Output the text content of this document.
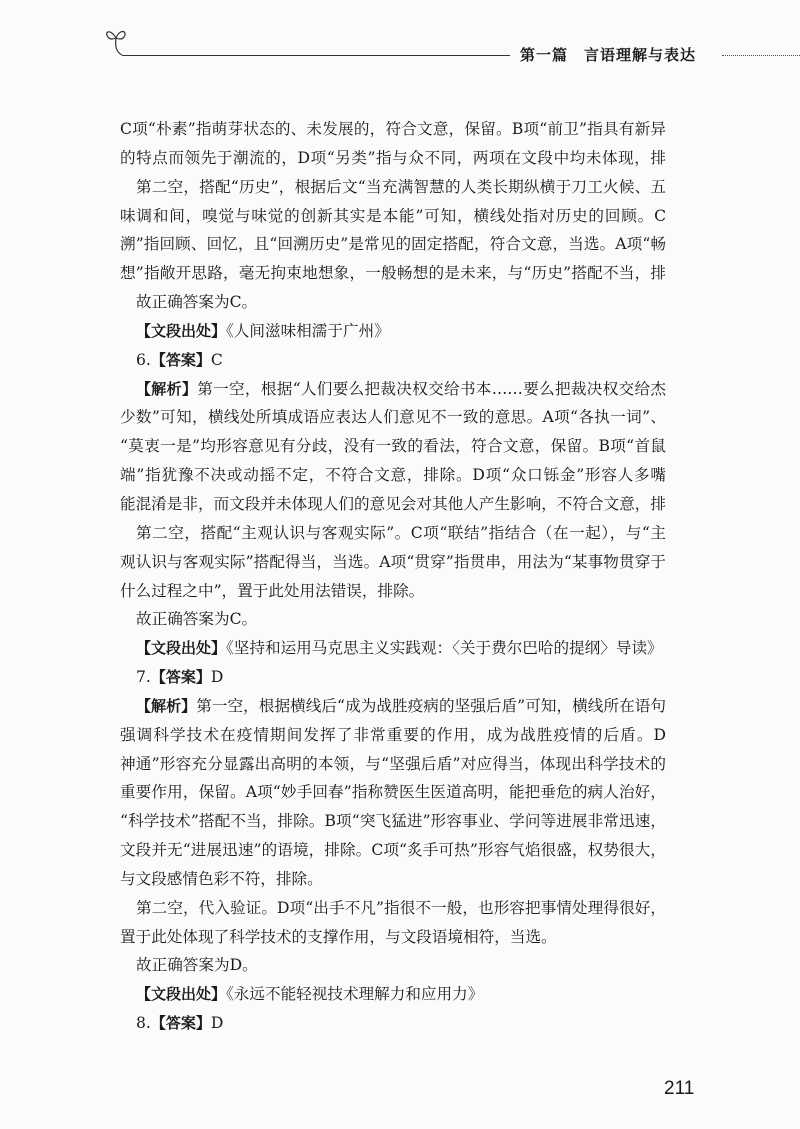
第一篇　言语理解与表达
C项“朴素”指萌芽状态的、未发展的，符合文意，保留。B项“前卫”指具有新异
的特点而领先于潮流的，D项“另类”指与众不同，两项在文段中均未体现，排
第二空，搭配“历史”，根据后文“当充满智慧的人类长期纵横于刀工火候、五
味调和间，嗅觉与味觉的创新其实是本能”可知，横线处指对历史的回顾。C
溯”指回顾、回忆，且“回溯历史”是常见的固定搭配，符合文意，当选。A项“畅
想”指敞开思路，毫无拘束地想象，一般畅想的是未来，与“历史”搭配不当，排
故正确答案为C。
【文段出处】《人间滋味相濡于广州》
6.【答案】C
【解析】第一空，根据“人们要么把裁决权交给书本……要么把裁决权交给杰
少数”可知，横线处所填成语应表达人们意见不一致的意思。A项“各执一词”、
“莫衷一是”均形容意见有分歧，没有一致的看法，符合文意，保留。B项“首鼠
端”指犹豫不决或动摇不定，不符合文意，排除。D项“众口铄金”形容人多嘴
能混淆是非，而文段并未体现人们的意见会对其他人产生影响，不符合文意，排
第二空，搭配“主观认识与客观实际”。C项“联结”指结合（在一起），与“主
观认识与客观实际”搭配得当，当选。A项“贯穿”指贯串，用法为“某事物贯穿于
什么过程之中”，置于此处用法错误，排除。
故正确答案为C。
【文段出处】《坚持和运用马克思主义实践观：〈关于费尔巴哈的提纲〉导读》
7.【答案】D
【解析】第一空，根据横线后“成为战胜疫病的坚强后盾”可知，横线所在语句
强调科学技术在疫情期间发挥了非常重要的作用，成为战胜疫情的后盾。D
神通”形容充分显露出高明的本领，与“坚强后盾”对应得当，体现出科学技术的
重要作用，保留。A项“妙手回春”指称赞医生医道高明，能把垂危的病人治好，
“科学技术”搭配不当，排除。B项“突飞猛进”形容事业、学问等进展非常迅速，
文段并无“进展迅速”的语境，排除。C项“炙手可热”形容气焰很盛，权势很大，
与文段感情色彩不符，排除。
第二空，代入验证。D项“出手不凡”指很不一般，也形容把事情处理得很好，
置于此处体现了科学技术的支撑作用，与文段语境相符，当选。
故正确答案为D。
【文段出处】《永远不能轻视技术理解力和应用力》
8.【答案】D
211
